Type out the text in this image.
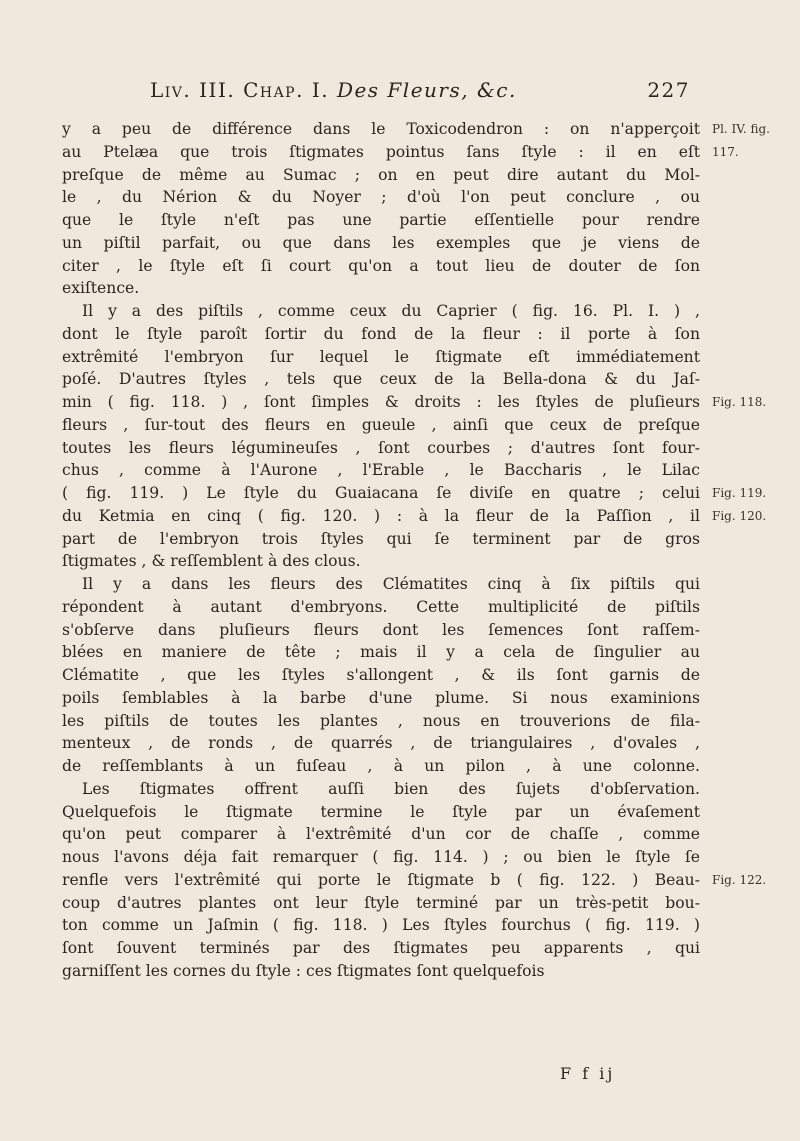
Liv. III. Chap. I. Des Fleurs, &c.	227
y a peu de différence dans le Toxicodendron : on n'apperçoit
au Ptelæa que trois ſtigmates pointus ſans ſtyle : il en eſt
preſque de même au Sumac ; on en peut dire autant du Mol-
le , du Nérion & du Noyer ; d'où l'on peut conclure , ou
que le ſtyle n'eſt pas une partie eſſentielle pour rendre
un piſtil parfait, ou que dans les exemples que je viens de
citer , le ſtyle eſt ſi court qu'on a tout lieu de douter de ſon
exiſtence.
Il y a des piſtils , comme ceux du Caprier ( fig. 16. Pl. I. ) ,
dont le ſtyle paroît ſortir du fond de la fleur : il porte à ſon
extrêmité l'embryon ſur lequel le ſtigmate eſt immédiatement
poſé. D'autres ſtyles , tels que ceux de la Bella-dona & du Jaſ-
min ( fig. 118. ) , ſont ſimples & droits : les ſtyles de pluſieurs
fleurs , ſur-tout des fleurs en gueule , ainſi que ceux de preſque
toutes les fleurs légumineuſes , ſont courbes ; d'autres ſont four-
chus , comme à l'Aurone , l'Erable , le Baccharis , le Lilac
( fig. 119. ) Le ſtyle du Guaiacana ſe diviſe en quatre ; celui
du Ketmia en cinq ( fig. 120. ) : à la fleur de la Paſſion , il
part de l'embryon trois ſtyles qui ſe terminent par de gros
ſtigmates , & reſſemblent à des clous.
Il y a dans les fleurs des Clématites cinq à ſix piſtils qui
répondent à autant d'embryons. Cette multiplicité de piſtils
s'obſerve dans pluſieurs fleurs dont les ſemences ſont raſſem-
blées en maniere de tête ; mais il y a cela de ſingulier au
Clématite , que les ſtyles s'allongent , & ils ſont garnis de
poils ſemblables à la barbe d'une plume. Si nous examinions
les piſtils de toutes les plantes , nous en trouverions de fila-
menteux , de ronds , de quarrés , de triangulaires , d'ovales ,
de reſſemblants à un fuſeau , à un pilon , à une colonne.
Les ſtigmates offrent auſſi bien des ſujets d'obſervation.
Quelquefois le ſtigmate termine le ſtyle par un évaſement
qu'on peut comparer à l'extrêmité d'un cor de chaſſe , comme
nous l'avons déja fait remarquer ( fig. 114. ) ; ou bien le ſtyle ſe
renfle vers l'extrêmité qui porte le ſtigmate b ( fig. 122. ) Beau-
coup d'autres plantes ont leur ſtyle terminé par un très-petit bou-
ton comme un Jaſmin ( fig. 118. ) Les ſtyles fourchus ( fig. 119. )
ſont ſouvent terminés par des ſtigmates peu apparents , qui
garniſſent les cornes du ſtyle : ces ſtigmates ſont quelquefois
Pl. IV. fig.
117.
Fig. 118.
Fig. 119.
Fig. 120.
Fig. 122.
F f ij
